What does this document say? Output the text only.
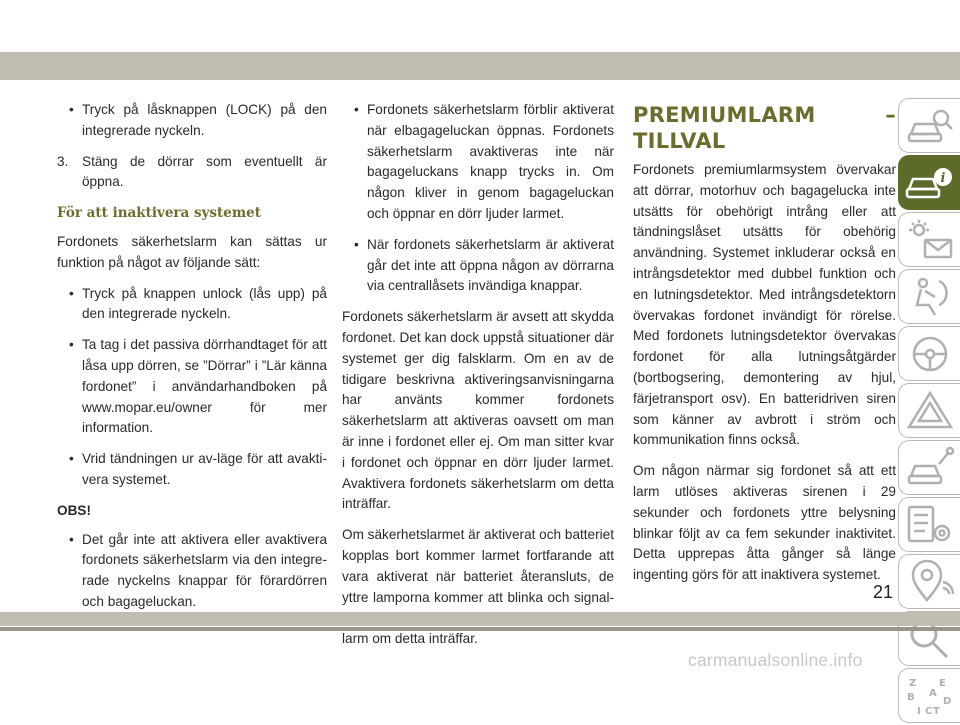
• Tryck på låsknappen (LOCK) på den integrerade nyckeln.
3. Stäng de dörrar som eventuellt är öppna.
För att inaktivera systemet
Fordonets säkerhetslarm kan sättas ur funktion på något av följande sätt:
• Tryck på knappen unlock (lås upp) på den integrerade nyckeln.
• Ta tag i det passiva dörrhandtaget för att låsa upp dörren, se ”Dörrar” i ”Lär känna fordonet” i användarhandboken på www.mopar.eu/owner för mer information.
• Vrid tändningen ur av-läge för att avaktivera systemet.
OBS!
• Det går inte att aktivera eller avaktivera fordonets säkerhetslarm via den integrerade nyckelns knappar för förardörren och bagageluckan.
• Fordonets säkerhetslarm förblir aktiverat när elbagageluckan öppnas. Fordonets säkerhetslarm avaktiveras inte när bagageluckans knapp trycks in. Om någon kliver in genom bagageluckan och öppnar en dörr ljuder larmet.
• När fordonets säkerhetslarm är aktiverat går det inte att öppna någon av dörrarna via centrallåsets invändiga knappar.
Fordonets säkerhetslarm är avsett att skydda fordonet. Det kan dock uppstå situationer där systemet ger dig falsklarm. Om en av de tidigare beskrivna aktiveringsanvisningarna har använts kommer fordonets säkerhetslarm att aktiveras oavsett om man är inne i fordonet eller ej. Om man sitter kvar i fordonet och öppnar en dörr ljuder larmet. Avaktivera fordonets säkerhetslarm om detta inträffar.
Om säkerhetslarmet är aktiverat och batteriet kopplas bort kommer larmet fortfarande att vara aktiverat när batteriet återansluts, de yttre lamporna kommer att blinka och signal arm om detta inträffar.
PREMIUMLARM – TILLVAL
Fordonets premiumlarmsystem övervakar att dörrar, motorhuv och bagagelucka inte utsätts för obehörigt intrång eller att tändningslåset utsätts för obehörig användning. Systemet inkluderar också en intrångsdetektor med dubbel funktion och en lutningsdetektor. Med intrångsdetektorn övervakas fordonet invändigt för rörelse. Med fordonets lutningsdetektor övervakas fordonet för alla lutningsåtgärder (bortbogsering, demontering av hjul, färjetransport osv). En batteridriven siren som känner av avbrott i ström och kommunikation finns också.
Om någon närmar sig fordonet så att ett larm utlöses aktiveras sirenen i 29 sekunder och fordonets yttre belysning blinkar följt av ca fem sekunder inaktivitet. Detta upprepas åtta gånger så länge ingenting görs för att inaktivera systemet.
i
Z E
B A
D
I C T
21
carmanualsonline.info
